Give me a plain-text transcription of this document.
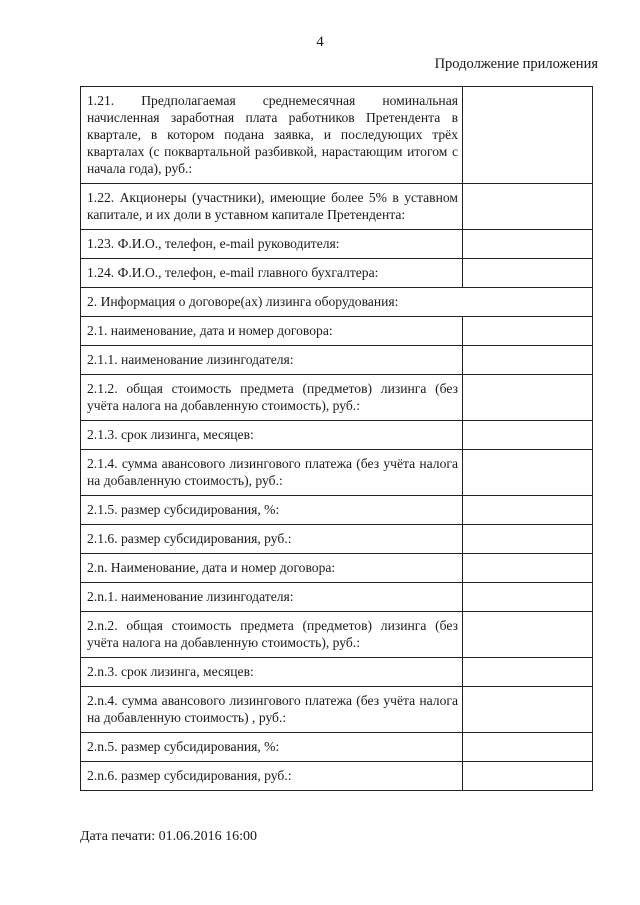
4
Продолжение приложения
1.21. Предполагаемая среднемесячная номинальная начисленная заработная плата работников Претендента в квартале, в котором подана заявка, и последующих трёх кварталах (с поквартальной разбивкой, нарастающим итогом с начала года), руб.:	
1.22. Акционеры (участники), имеющие более 5% в уставном капитале, и их доли в уставном капитале Претендента:	
1.23. Ф.И.О., телефон, e-mail руководителя:	
1.24. Ф.И.О., телефон, e-mail главного бухгалтера:	
2. Информация о договоре(ах) лизинга оборудования:	
2.1. наименование, дата и номер договора:	
2.1.1. наименование лизингодателя:	
2.1.2. общая стоимость предмета (предметов) лизинга (без учёта налога на добавленную стоимость), руб.:	
2.1.3. срок лизинга, месяцев:	
2.1.4. сумма авансового лизингового платежа (без учёта налога на добавленную стоимость), руб.:	
2.1.5. размер субсидирования, %:	
2.1.6. размер субсидирования, руб.:	
2.n. Наименование, дата и номер договора:	
2.n.1. наименование лизингодателя:	
2.n.2. общая стоимость предмета (предметов) лизинга (без учёта налога на добавленную стоимость), руб.:	
2.n.3. срок лизинга, месяцев:	
2.n.4. сумма авансового лизингового платежа (без учёта налога на добавленную стоимость) , руб.:	
2.n.5. размер субсидирования, %:	
2.n.6. размер субсидирования, руб.:	
Дата печати: 01.06.2016 16:00
